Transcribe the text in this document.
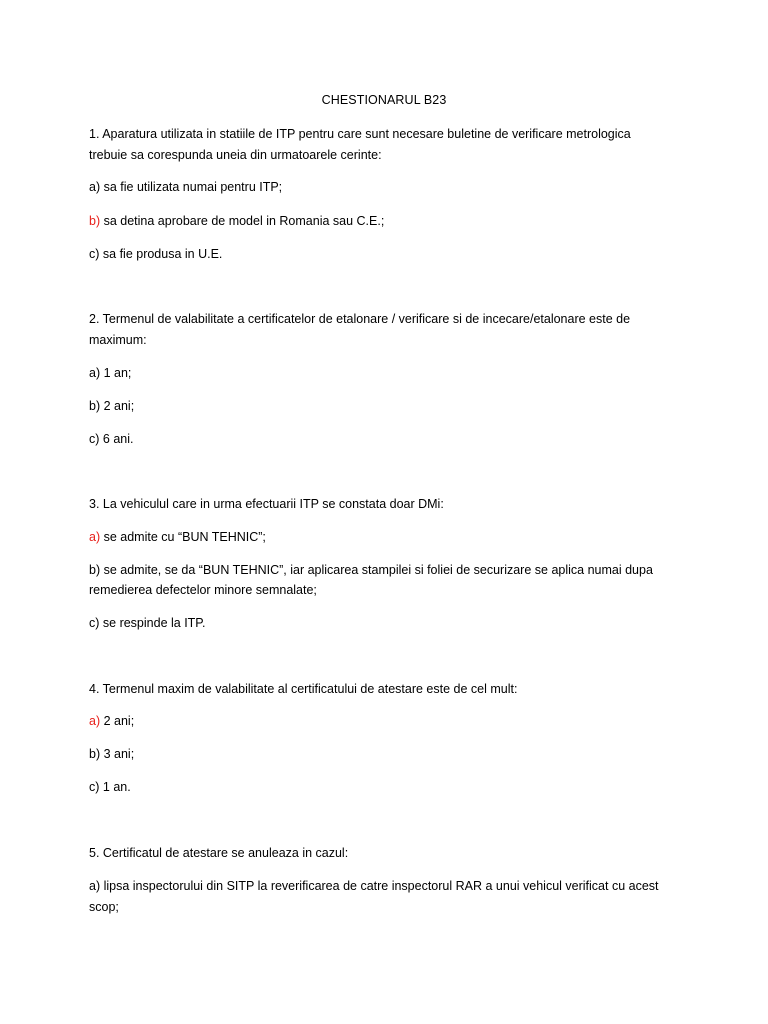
CHESTIONARUL B23
1. Aparatura utilizata in statiile de ITP pentru care sunt necesare buletine de verificare metrologica
trebuie sa corespunda uneia din urmatoarele cerinte:
a) sa fie utilizata numai pentru ITP;
b) sa detina aprobare de model in Romania sau C.E.;
c) sa fie produsa in U.E.
2. Termenul de valabilitate a certificatelor de etalonare / verificare si de incecare/etalonare este de
maximum:
a) 1 an;
b) 2 ani;
c) 6 ani.
3. La vehiculul care in urma efectuarii ITP se constata doar DMi:
a) se admite cu “BUN TEHNIC”;
b) se admite, se da “BUN TEHNIC”, iar aplicarea stampilei si foliei de securizare se aplica numai dupa
remedierea defectelor minore semnalate;
c) se respinde la ITP.
4. Termenul maxim de valabilitate al certificatului de atestare este de cel mult:
a) 2 ani;
b) 3 ani;
c) 1 an.
5. Certificatul de atestare se anuleaza in cazul:
a) lipsa inspectorului din SITP la reverificarea de catre inspectorul RAR a unui vehicul verificat cu acest
scop;
